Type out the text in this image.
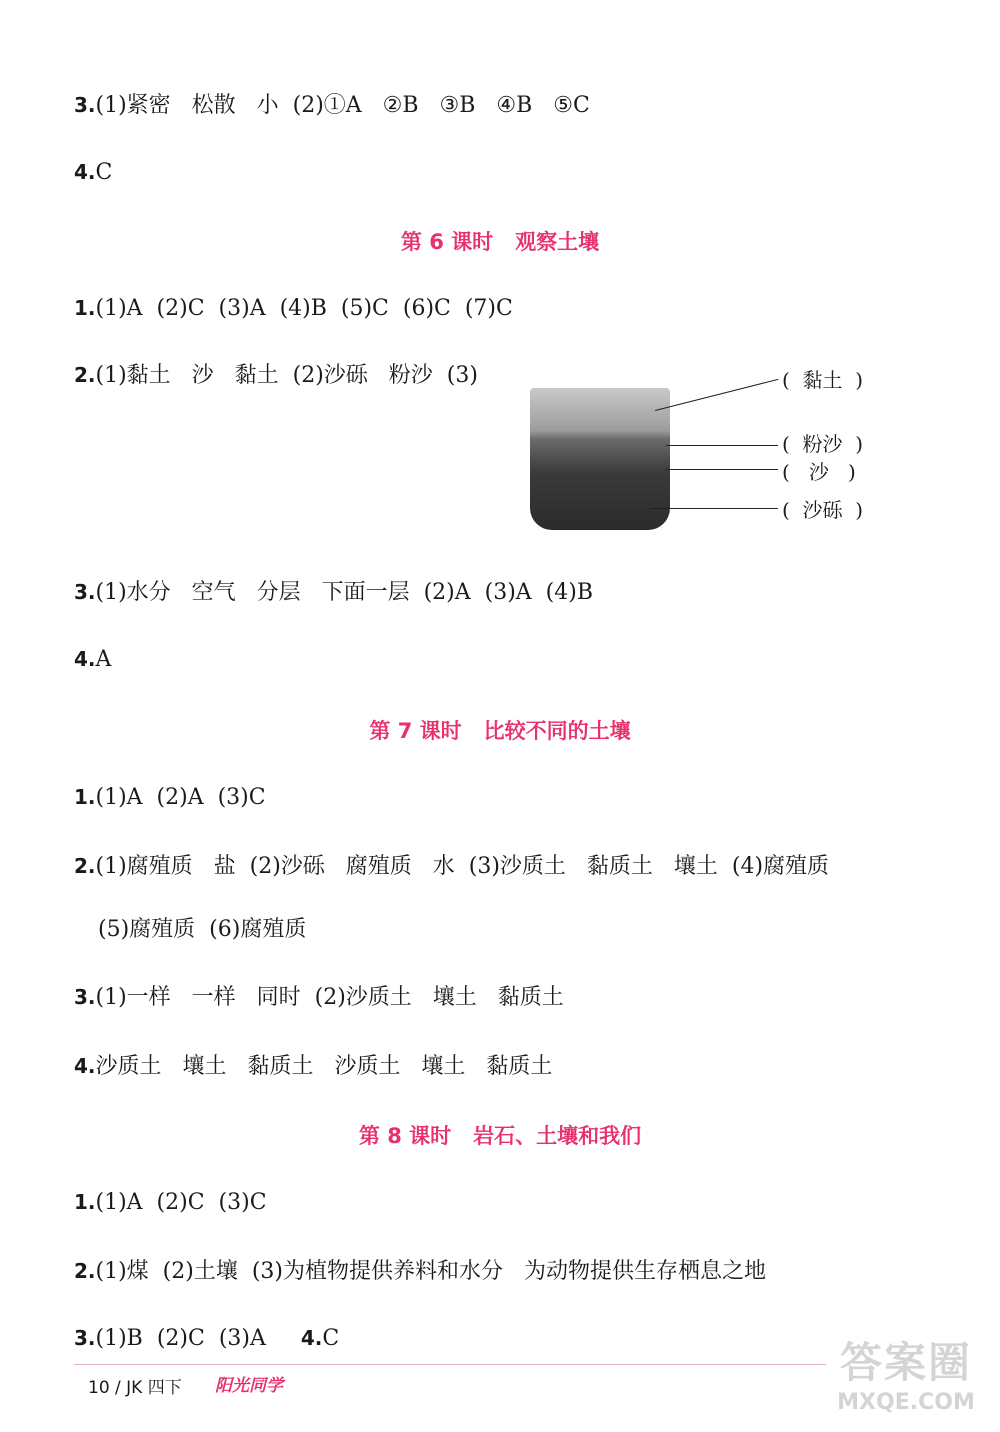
3.(1)紧密   松散   小  (2)①A   ②B   ③B   ④B   ⑤C
4.C
第 6 课时   观察土壤
1.(1)A  (2)C  (3)A  (4)B  (5)C  (6)C  (7)C
2.(1)黏土   沙   黏土  (2)沙砾   粉沙  (3)	(  黏土  )
(  粉沙  )
(   沙   )
(  沙砾  )
3.(1)水分   空气   分层   下面一层  (2)A  (3)A  (4)B
4.A
第 7 课时   比较不同的土壤
1.(1)A  (2)A  (3)C
2.(1)腐殖质   盐  (2)沙砾   腐殖质   水  (3)沙质土   黏质土   壤土  (4)腐殖质
(5)腐殖质  (6)腐殖质
3.(1)一样   一样   同时  (2)沙质土   壤土   黏质土
4.沙质土   壤土   黏质土   沙质土   壤土   黏质土
第 8 课时   岩石、土壤和我们
1.(1)A  (2)C  (3)C
2.(1)煤  (2)土壤  (3)为植物提供养料和水分   为动物提供生存栖息之地
3.(1)B  (2)C  (3)A 4.C
10 / JK 四下 阳光同学	答案圈
MXQE.COM
